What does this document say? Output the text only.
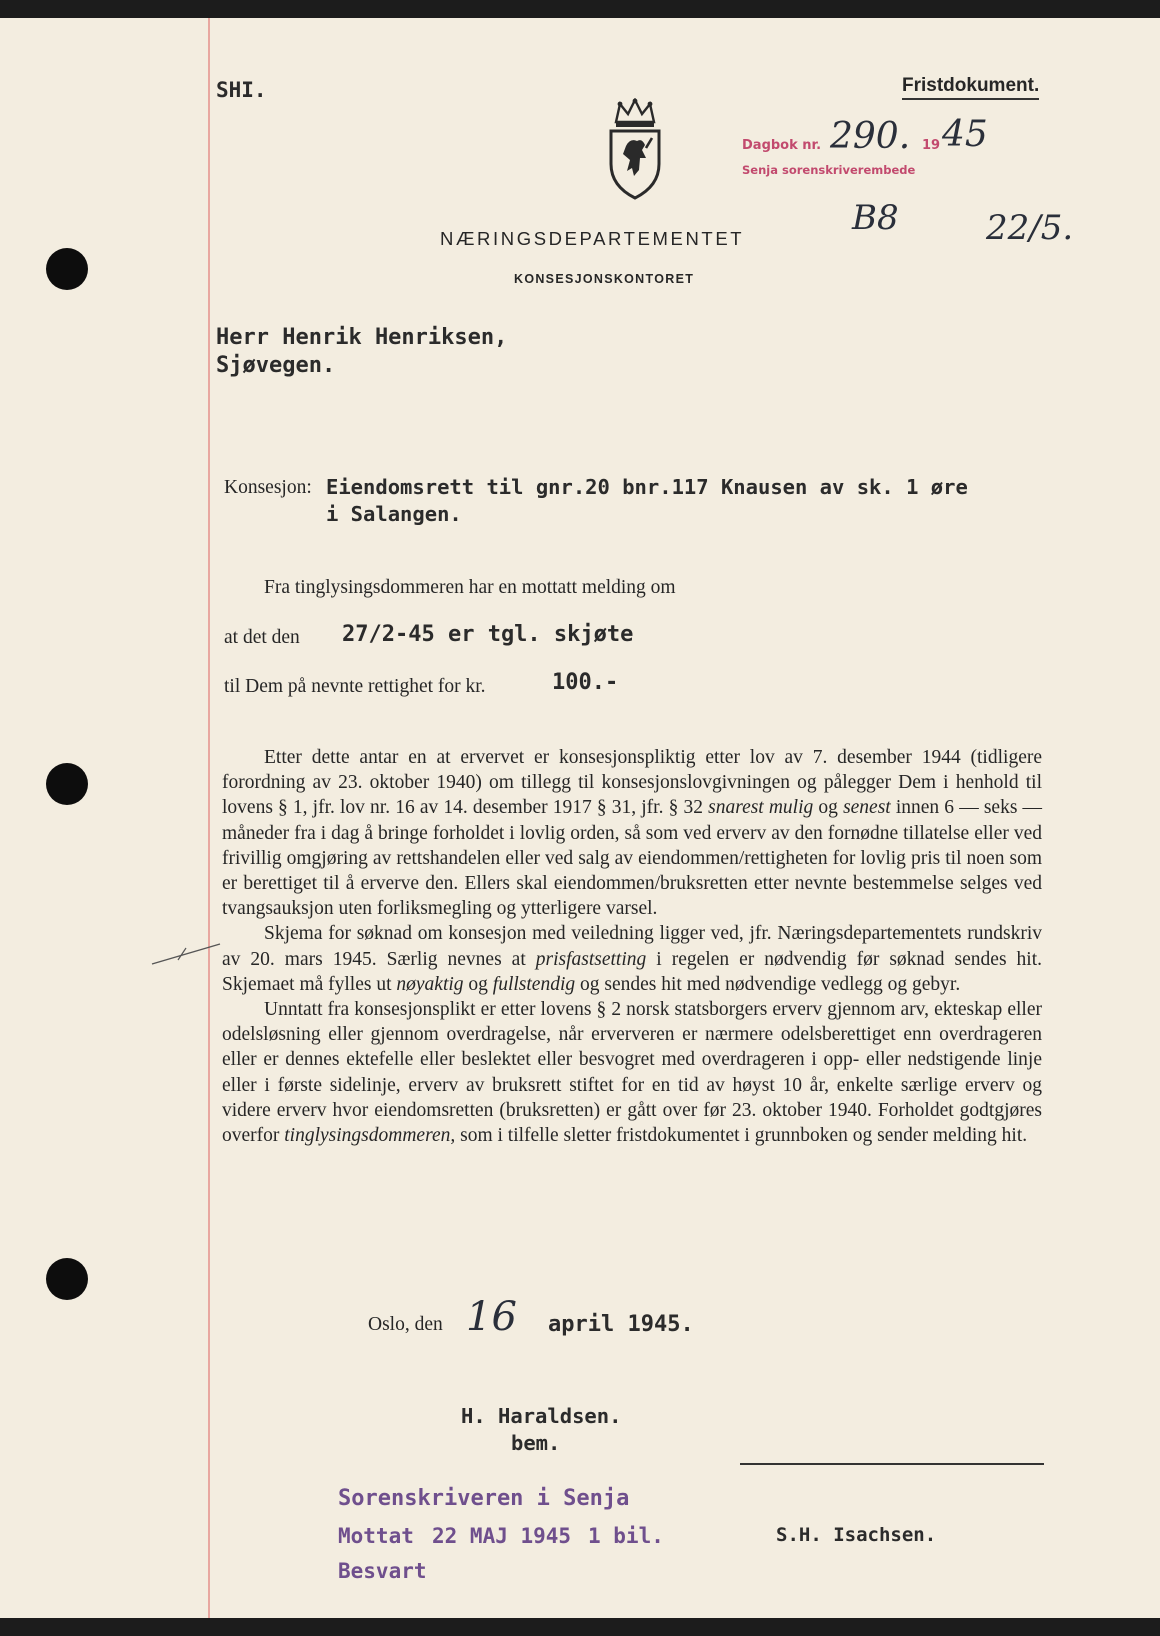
SHI.	Fristdokument.
NÆRINGSDEPARTEMENTET
KONSESJONSKONTORET
Dagbok nr. 290. 19 45
Senja sorenskriverembede
B8	22/5.
Herr Henrik Henriksen,
Sjøvegen.
Konsesjon: Eiendomsrett til gnr.20 bnr.117 Knausen av sk. 1 øre
i Salangen.
Fra tinglysingsdommeren har en mottatt melding om
at det den 27/2-45 er tgl. skjøte
til Dem på nevnte rettighet for kr.	100.-

Etter dette antar en at ervervet er konsesjonspliktig etter lov av 7. desember 1944 (tidligere forordning av 23. oktober 1940) om tillegg til konsesjonslovgivningen og pålegger Dem i henhold til lovens § 1, jfr. lov nr. 16 av 14. desember 1917 § 31, jfr. § 32 snarest mulig og senest innen 6 — seks — måneder fra i dag å bringe forholdet i lovlig orden, så som ved erverv av den fornødne tillatelse eller ved frivillig omgjøring av rettshandelen eller ved salg av eiendommen/rettigheten for lovlig pris til noen som er berettiget til å erverve den. Ellers skal eiendommen/bruksretten etter nevnte bestemmelse selges ved tvangsauksjon uten forliksmegling og ytterligere varsel.

Skjema for søknad om konsesjon med veiledning ligger ved, jfr. Næringsdepartementets rundskriv av 20. mars 1945. Særlig nevnes at prisfastsetting i regelen er nødvendig før søknad sendes hit. Skjemaet må fylles ut nøyaktig og fullstendig og sendes hit med nødvendige vedlegg og gebyr.

Unntatt fra konsesjonsplikt er etter lovens § 2 norsk statsborgers erverv gjennom arv, ekteskap eller odelsløsning eller gjennom overdragelse, når erververen er nærmere odelsberettiget enn overdrageren eller er dennes ektefelle eller beslektet eller besvogret med overdrageren i opp- eller nedstigende linje eller i første sidelinje, erverv av bruksrett stiftet for en tid av høyst 10 år, enkelte særlige erverv og videre erverv hvor eiendomsretten (bruksretten) er gått over før 23. oktober 1940. Forholdet godtgjøres overfor tinglysingsdommeren, som i tilfelle sletter fristdokumentet i grunnboken og sender melding hit.

Oslo, den 16 april 1945.
H. Haraldsen.
bem.
S.H. Isachsen.
Sorenskriveren i Senja
Mottat 22 MAJ 1945 1 bil.
Besvart
